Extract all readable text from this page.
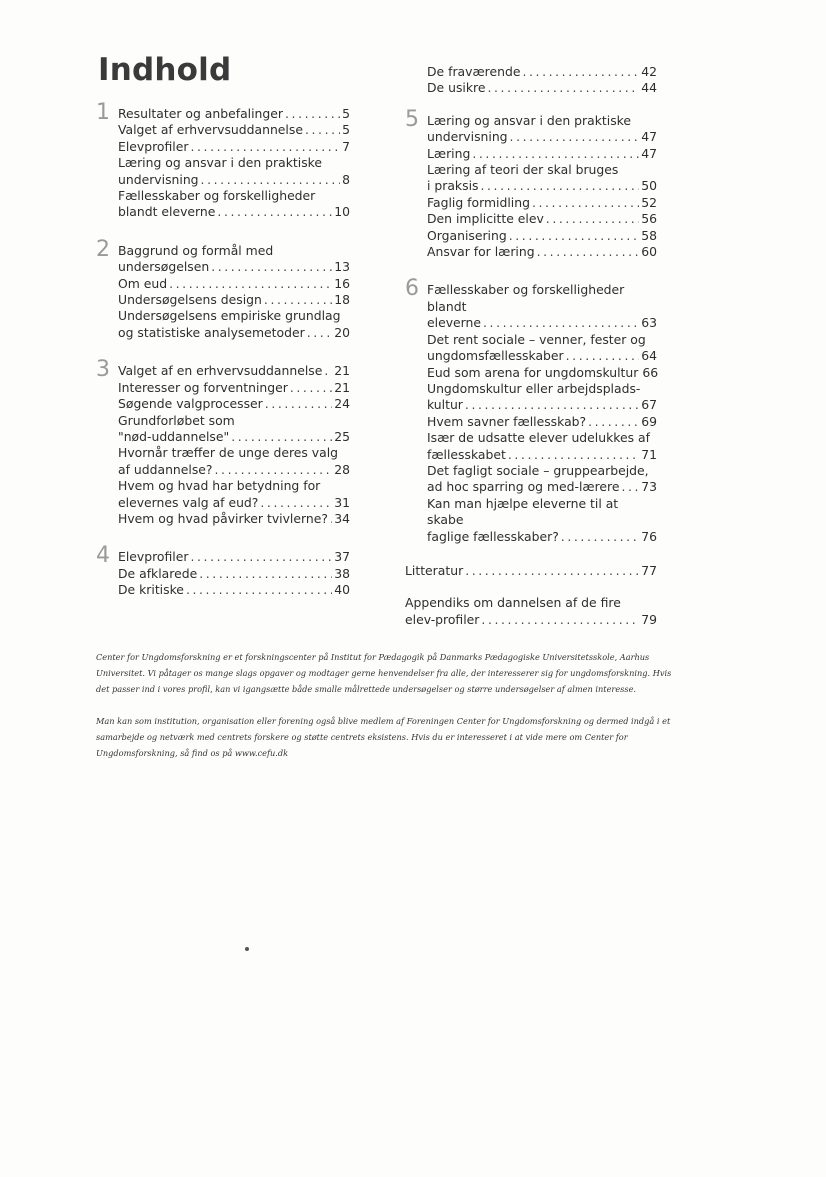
Indhold
1 Resultater og anbefalinger .....	5
Valget af erhvervsuddannelse .....	5
Elevprofiler .....	7
Læring og ansvar i den praktiske
undervisning .....	8
Fællesskaber og forskelligheder
blandt eleverne .....	10
2 Baggrund og formål med
undersøgelsen .....	13
Om eud .....	16
Undersøgelsens design .....	18
Undersøgelsens empiriske grundlag
og statistiske analysemetoder ..... 20
3 Valget af en erhvervsuddannelse ..... 21
Interesser og forventninger .....	21
Søgende valgprocesser .....	24
Grundforløbet som
"nød-uddannelse" .....	25
Hvornår træffer de unge deres valg
af uddannelse? .....	28
Hvem og hvad har betydning for
elevernes valg af eud? .....	31
Hvem og hvad påvirker tvivlerne? ..... 34
4 Elevprofiler .....	37
De afklarede .....	38
De kritiske .....	40
De fraværende .....	42
De usikre .....	44
5 Læring og ansvar i den praktiske
undervisning .....	47
Læring .....	47
Læring af teori der skal bruges
i praksis .....	50
Faglig formidling .....	52
Den implicitte elev .....	56
Organisering .....	58
Ansvar for læring .....	60
6 Fællesskaber og forskelligheder blandt
eleverne .....	63
Det rent sociale – venner, fester og
ungdomsfællesskaber .....	64
Eud som arena for ungdomskultur 66
Ungdomskultur eller arbejdsplads-
kultur .....	67
Hvem savner fællesskab? .....	69
Især de udsatte elever udelukkes af
fællesskabet .....	71
Det fagligt sociale – gruppearbejde,
ad hoc sparring og med-lærere ..... 73
Kan man hjælpe eleverne til at skabe
faglige fællesskaber? .....	76
Litteratur .....	77
Appendiks om dannelsen af de fire
elev-profiler .....	79

Center for Ungdomsforskning er et forskningscenter på Institut for Pædagogik på Danmarks Pædagogiske Universitetsskole, Aarhus Universitet. Vi påtager os mange slags opgaver og modtager gerne henvendelser fra alle, der interesserer sig for ungdomsforskning. Hvis det passer ind i vores profil, kan vi igangsætte både smalle målrettede undersøgelser og større undersøgelser af almen interesse.

Man kan som institution, organisation eller forening også blive medlem af Foreningen Center for Ungdomsforskning og dermed indgå i et samarbejde og netværk med centrets forskere og støtte centrets eksistens. Hvis du er interesseret i at vide mere om Center for Ungdomsforskning, så find os på www.cefu.dk
